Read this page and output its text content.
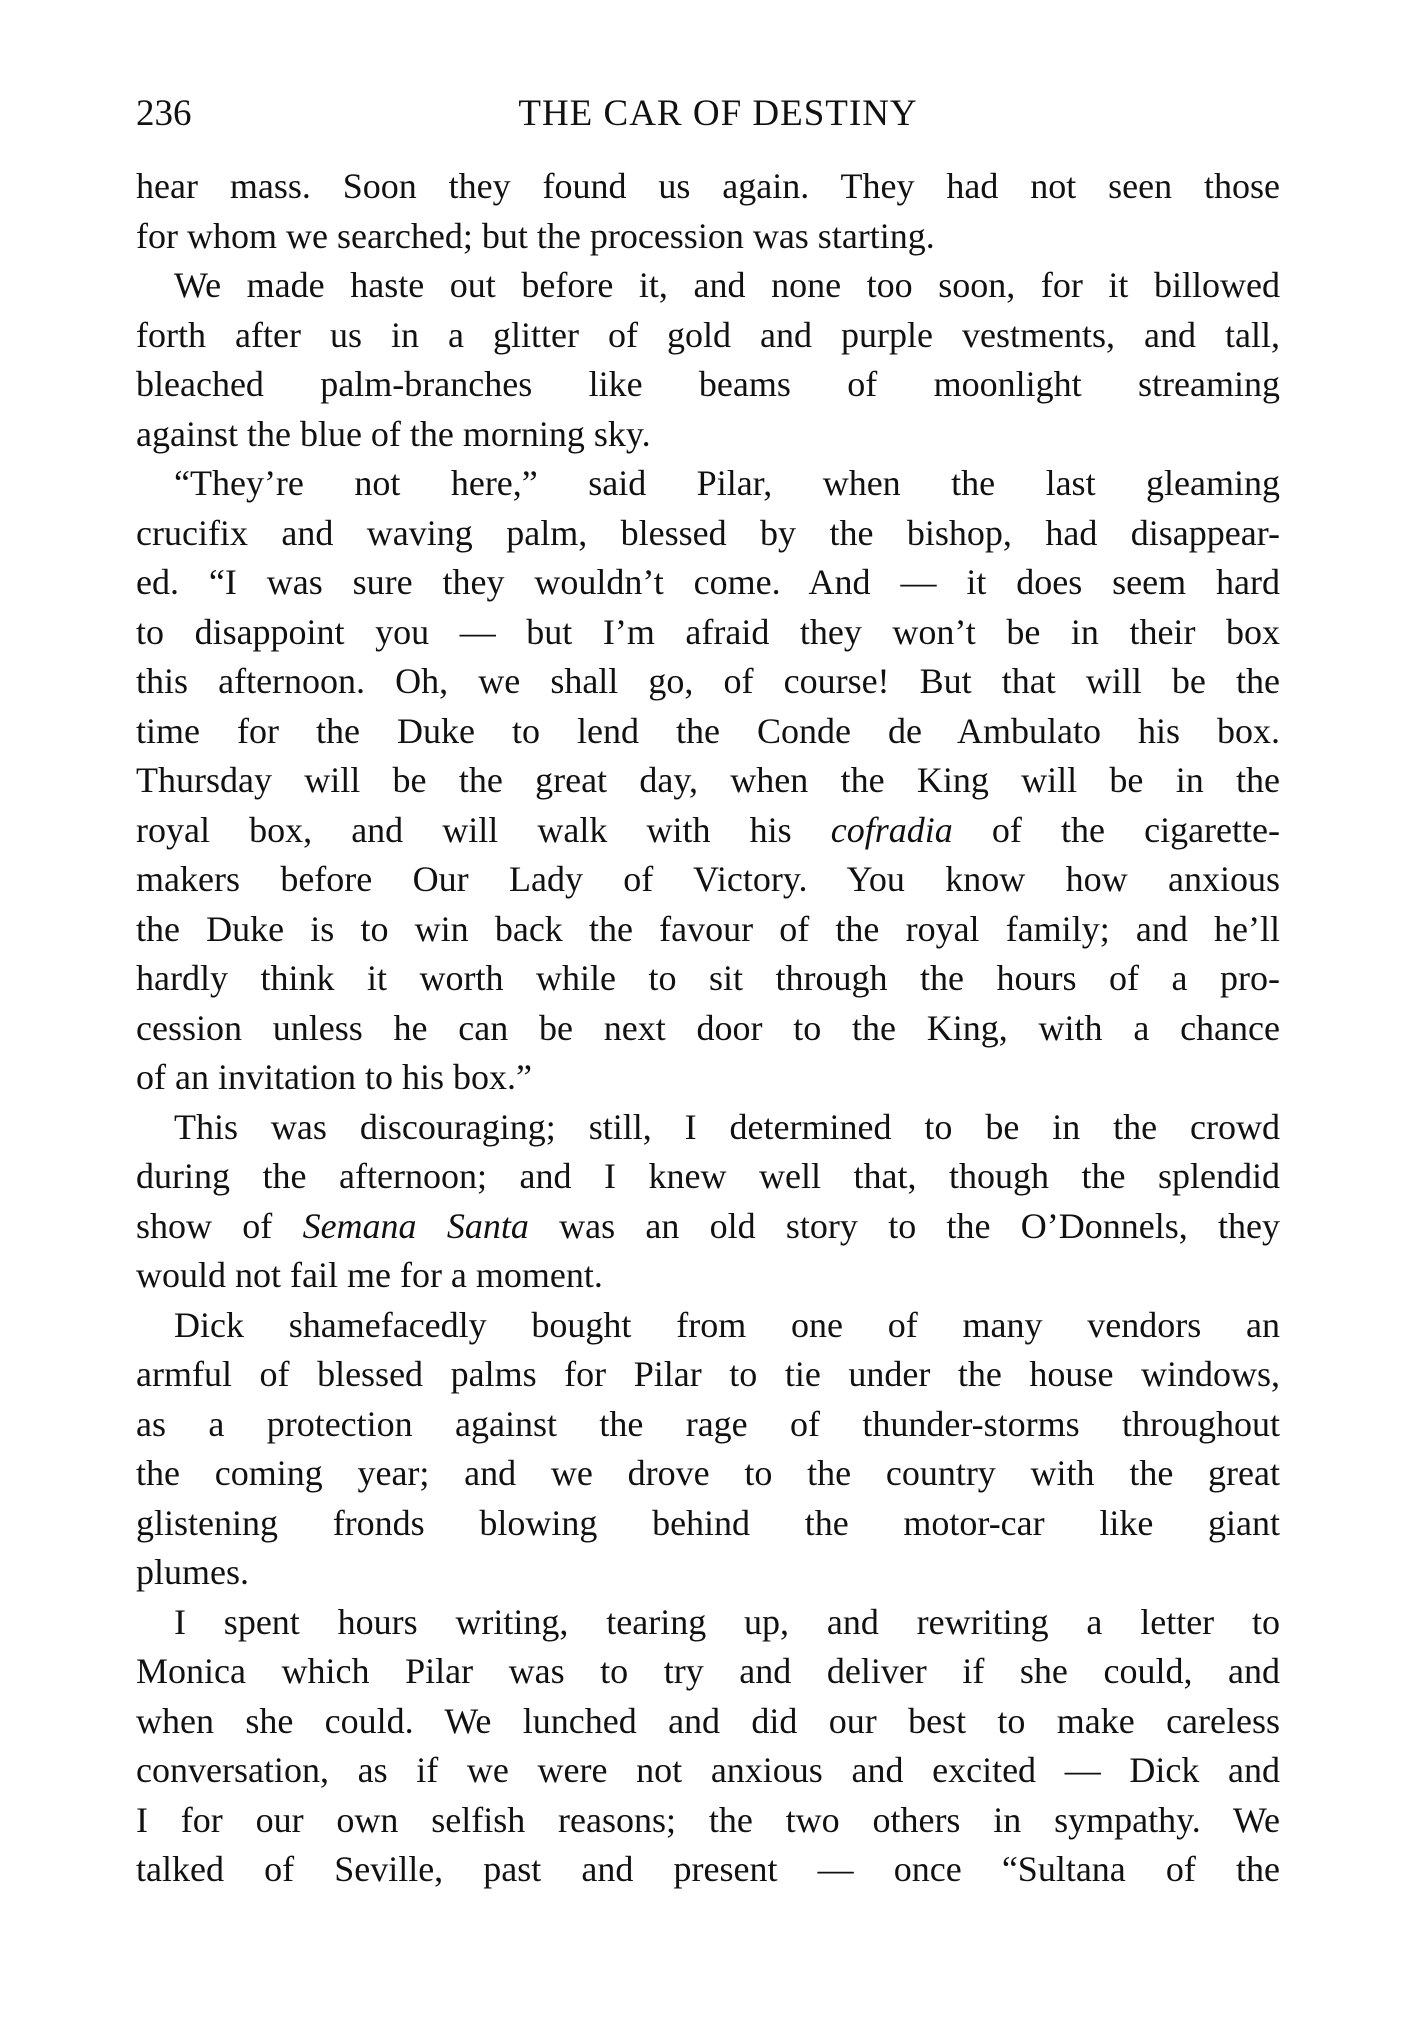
236	THE CAR OF DESTINY
hear mass. Soon they found us again. They had not seen those
for whom we searched; but the procession was starting.
We made haste out before it, and none too soon, for it billowed
forth after us in a glitter of gold and purple vestments, and tall,
bleached palm-branches like beams of moonlight streaming
against the blue of the morning sky.
“They’re not here,” said Pilar, when the last gleaming
crucifix and waving palm, blessed by the bishop, had disappear-
ed. “I was sure they wouldn’t come. And — it does seem hard
to disappoint you — but I’m afraid they won’t be in their box
this afternoon. Oh, we shall go, of course! But that will be the
time for the Duke to lend the Conde de Ambulato his box.
Thursday will be the great day, when the King will be in the
royal box, and will walk with his cofradia of the cigarette-
makers before Our Lady of Victory. You know how anxious
the Duke is to win back the favour of the royal family; and he’ll
hardly think it worth while to sit through the hours of a pro-
cession unless he can be next door to the King, with a chance
of an invitation to his box.”
This was discouraging; still, I determined to be in the crowd
during the afternoon; and I knew well that, though the splendid
show of Semana Santa was an old story to the O’Donnels, they
would not fail me for a moment.
Dick shamefacedly bought from one of many vendors an
armful of blessed palms for Pilar to tie under the house windows,
as a protection against the rage of thunder-storms throughout
the coming year; and we drove to the country with the great
glistening fronds blowing behind the motor-car like giant
plumes.
I spent hours writing, tearing up, and rewriting a letter to
Monica which Pilar was to try and deliver if she could, and
when she could. We lunched and did our best to make careless
conversation, as if we were not anxious and excited — Dick and
I for our own selfish reasons; the two others in sympathy. We
talked of Seville, past and present — once “Sultana of the
